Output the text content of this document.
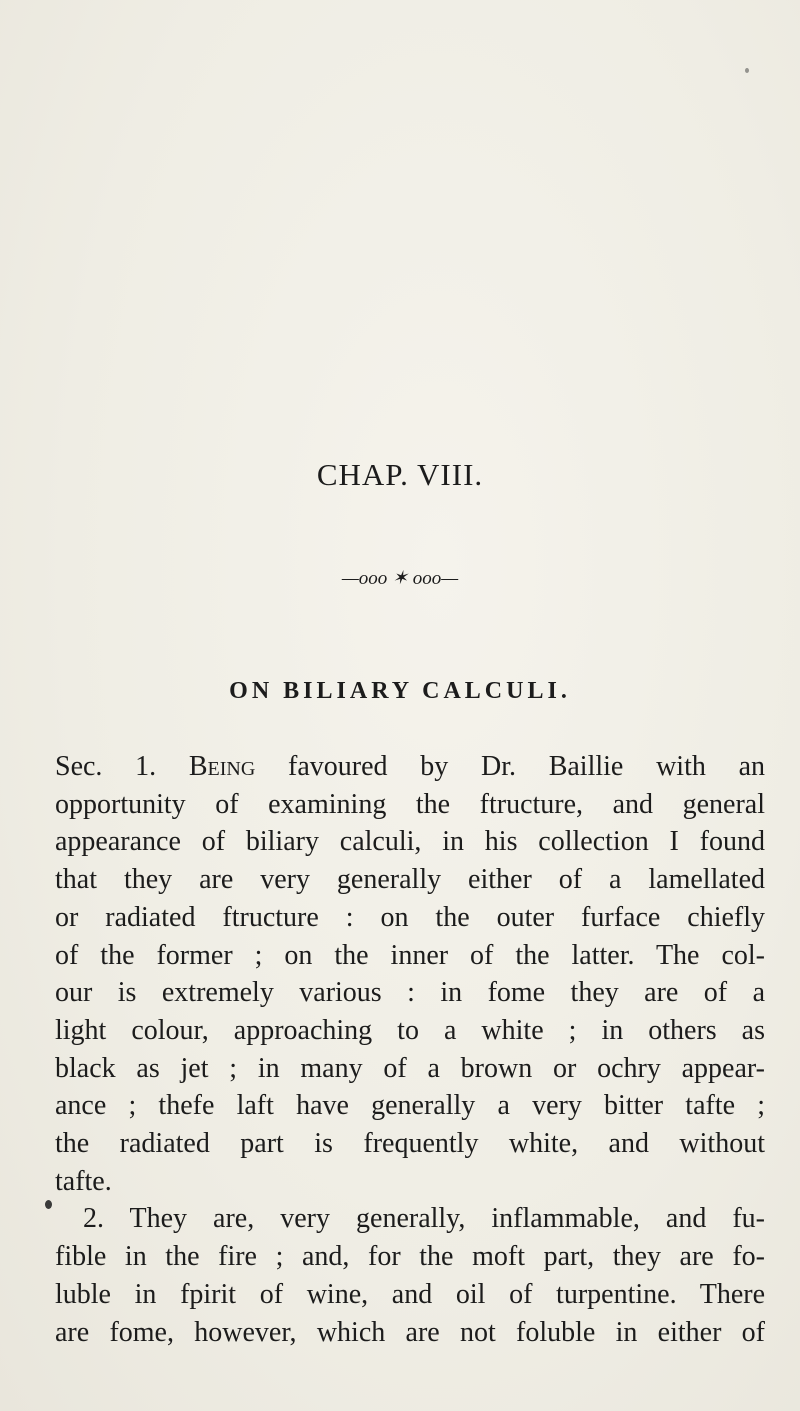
CHAP. VIII.
—ooo ✶ ooo—
ON BILIARY CALCULI.
Sec. 1. Being favoured by Dr. Baillie with an
opportunity of examining the ftructure, and general
appearance of biliary calculi, in his collection I found
that they are very generally either of a lamellated
or radiated ftructure : on the outer furface chiefly
of the former ; on the inner of the latter. The col-
our is extremely various : in fome they are of a
light colour, approaching to a white ; in others as
black as jet ; in many of a brown or ochry appear-
ance ; thefe laft have generally a very bitter tafte ;
the radiated part is frequently white, and without
tafte.
2. They are, very generally, inflammable, and fu-
fible in the fire ; and, for the moft part, they are fo-
luble in fpirit of wine, and oil of turpentine. There
are fome, however, which are not foluble in either of
